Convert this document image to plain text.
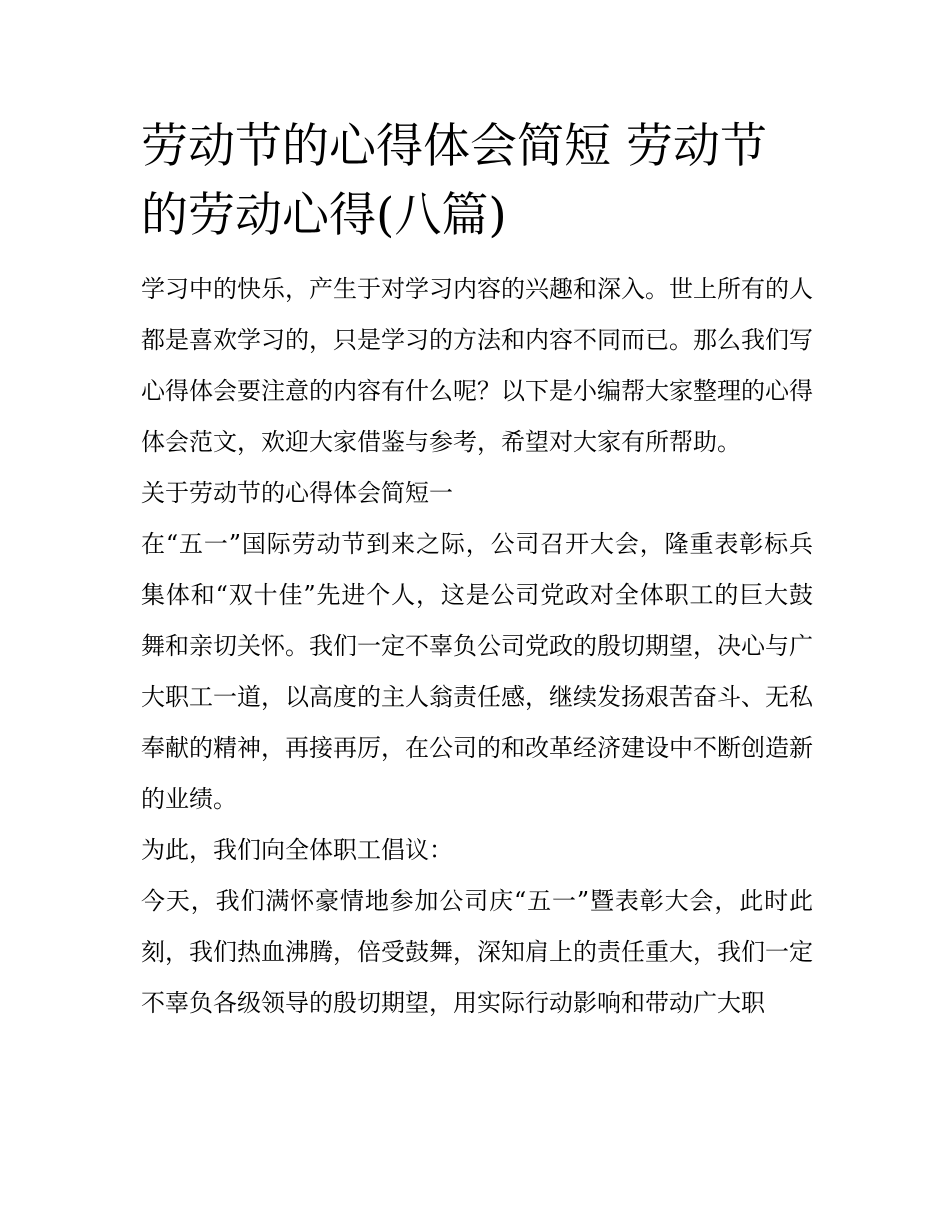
劳动节的心得体会简短 劳动节的劳动心得(八篇)

学习中的快乐，产生于对学习内容的兴趣和深入。世上所有的人都是喜欢学习的，只是学习的方法和内容不同而已。那么我们写心得体会要注意的内容有什么呢？以下是小编帮大家整理的心得体会范文，欢迎大家借鉴与参考，希望对大家有所帮助。

关于劳动节的心得体会简短一

在“五一”国际劳动节到来之际，公司召开大会，隆重表彰标兵集体和“双十佳”先进个人，这是公司党政对全体职工的巨大鼓舞和亲切关怀。我们一定不辜负公司党政的殷切期望，决心与广大职工一道，以高度的主人翁责任感，继续发扬艰苦奋斗、无私奉献的精神，再接再厉，在公司的和改革经济建设中不断创造新的业绩。

为此，我们向全体职工倡议：

今天，我们满怀豪情地参加公司庆“五一”暨表彰大会，此时此刻，我们热血沸腾，倍受鼓舞，深知肩上的责任重大，我们一定不辜负各级领导的殷切期望，用实际行动影响和带动广大职
